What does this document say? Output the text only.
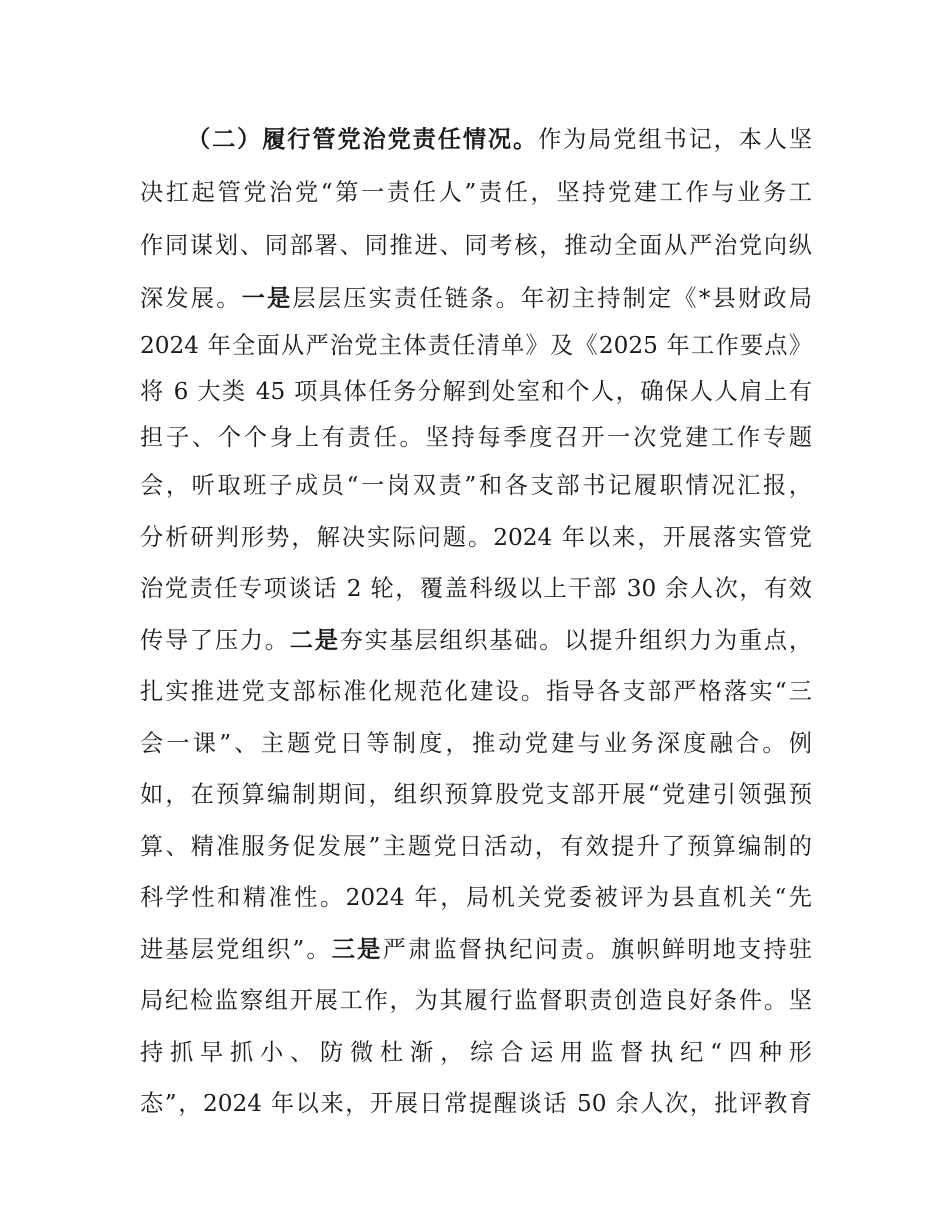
（二）履行管党治党责任情况。作为局党组书记，本人坚
决扛起管党治党“第一责任人”责任，坚持党建工作与业务工
作同谋划、同部署、同推进、同考核，推动全面从严治党向纵
深发展。一是层层压实责任链条。年初主持制定《*县财政局
2024 年全面从严治党主体责任清单》及《2025 年工作要点》
将 6 大类 45 项具体任务分解到处室和个人，确保人人肩上有
担子、个个身上有责任。坚持每季度召开一次党建工作专题
会，听取班子成员“一岗双责”和各支部书记履职情况汇报，
分析研判形势，解决实际问题。2024 年以来，开展落实管党
治党责任专项谈话 2 轮，覆盖科级以上干部 30 余人次，有效
传导了压力。二是夯实基层组织基础。以提升组织力为重点，
扎实推进党支部标准化规范化建设。指导各支部严格落实“三
会一课”、主题党日等制度，推动党建与业务深度融合。例
如，在预算编制期间，组织预算股党支部开展“党建引领强预
算、精准服务促发展”主题党日活动，有效提升了预算编制的
科学性和精准性。2024 年，局机关党委被评为县直机关“先
进基层党组织”。三是严肃监督执纪问责。旗帜鲜明地支持驻
局纪检监察组开展工作，为其履行监督职责创造良好条件。坚
持抓早抓小、防微杜渐，综合运用监督执纪“四种形
态”，2024 年以来，开展日常提醒谈话 50 余人次，批评教育
